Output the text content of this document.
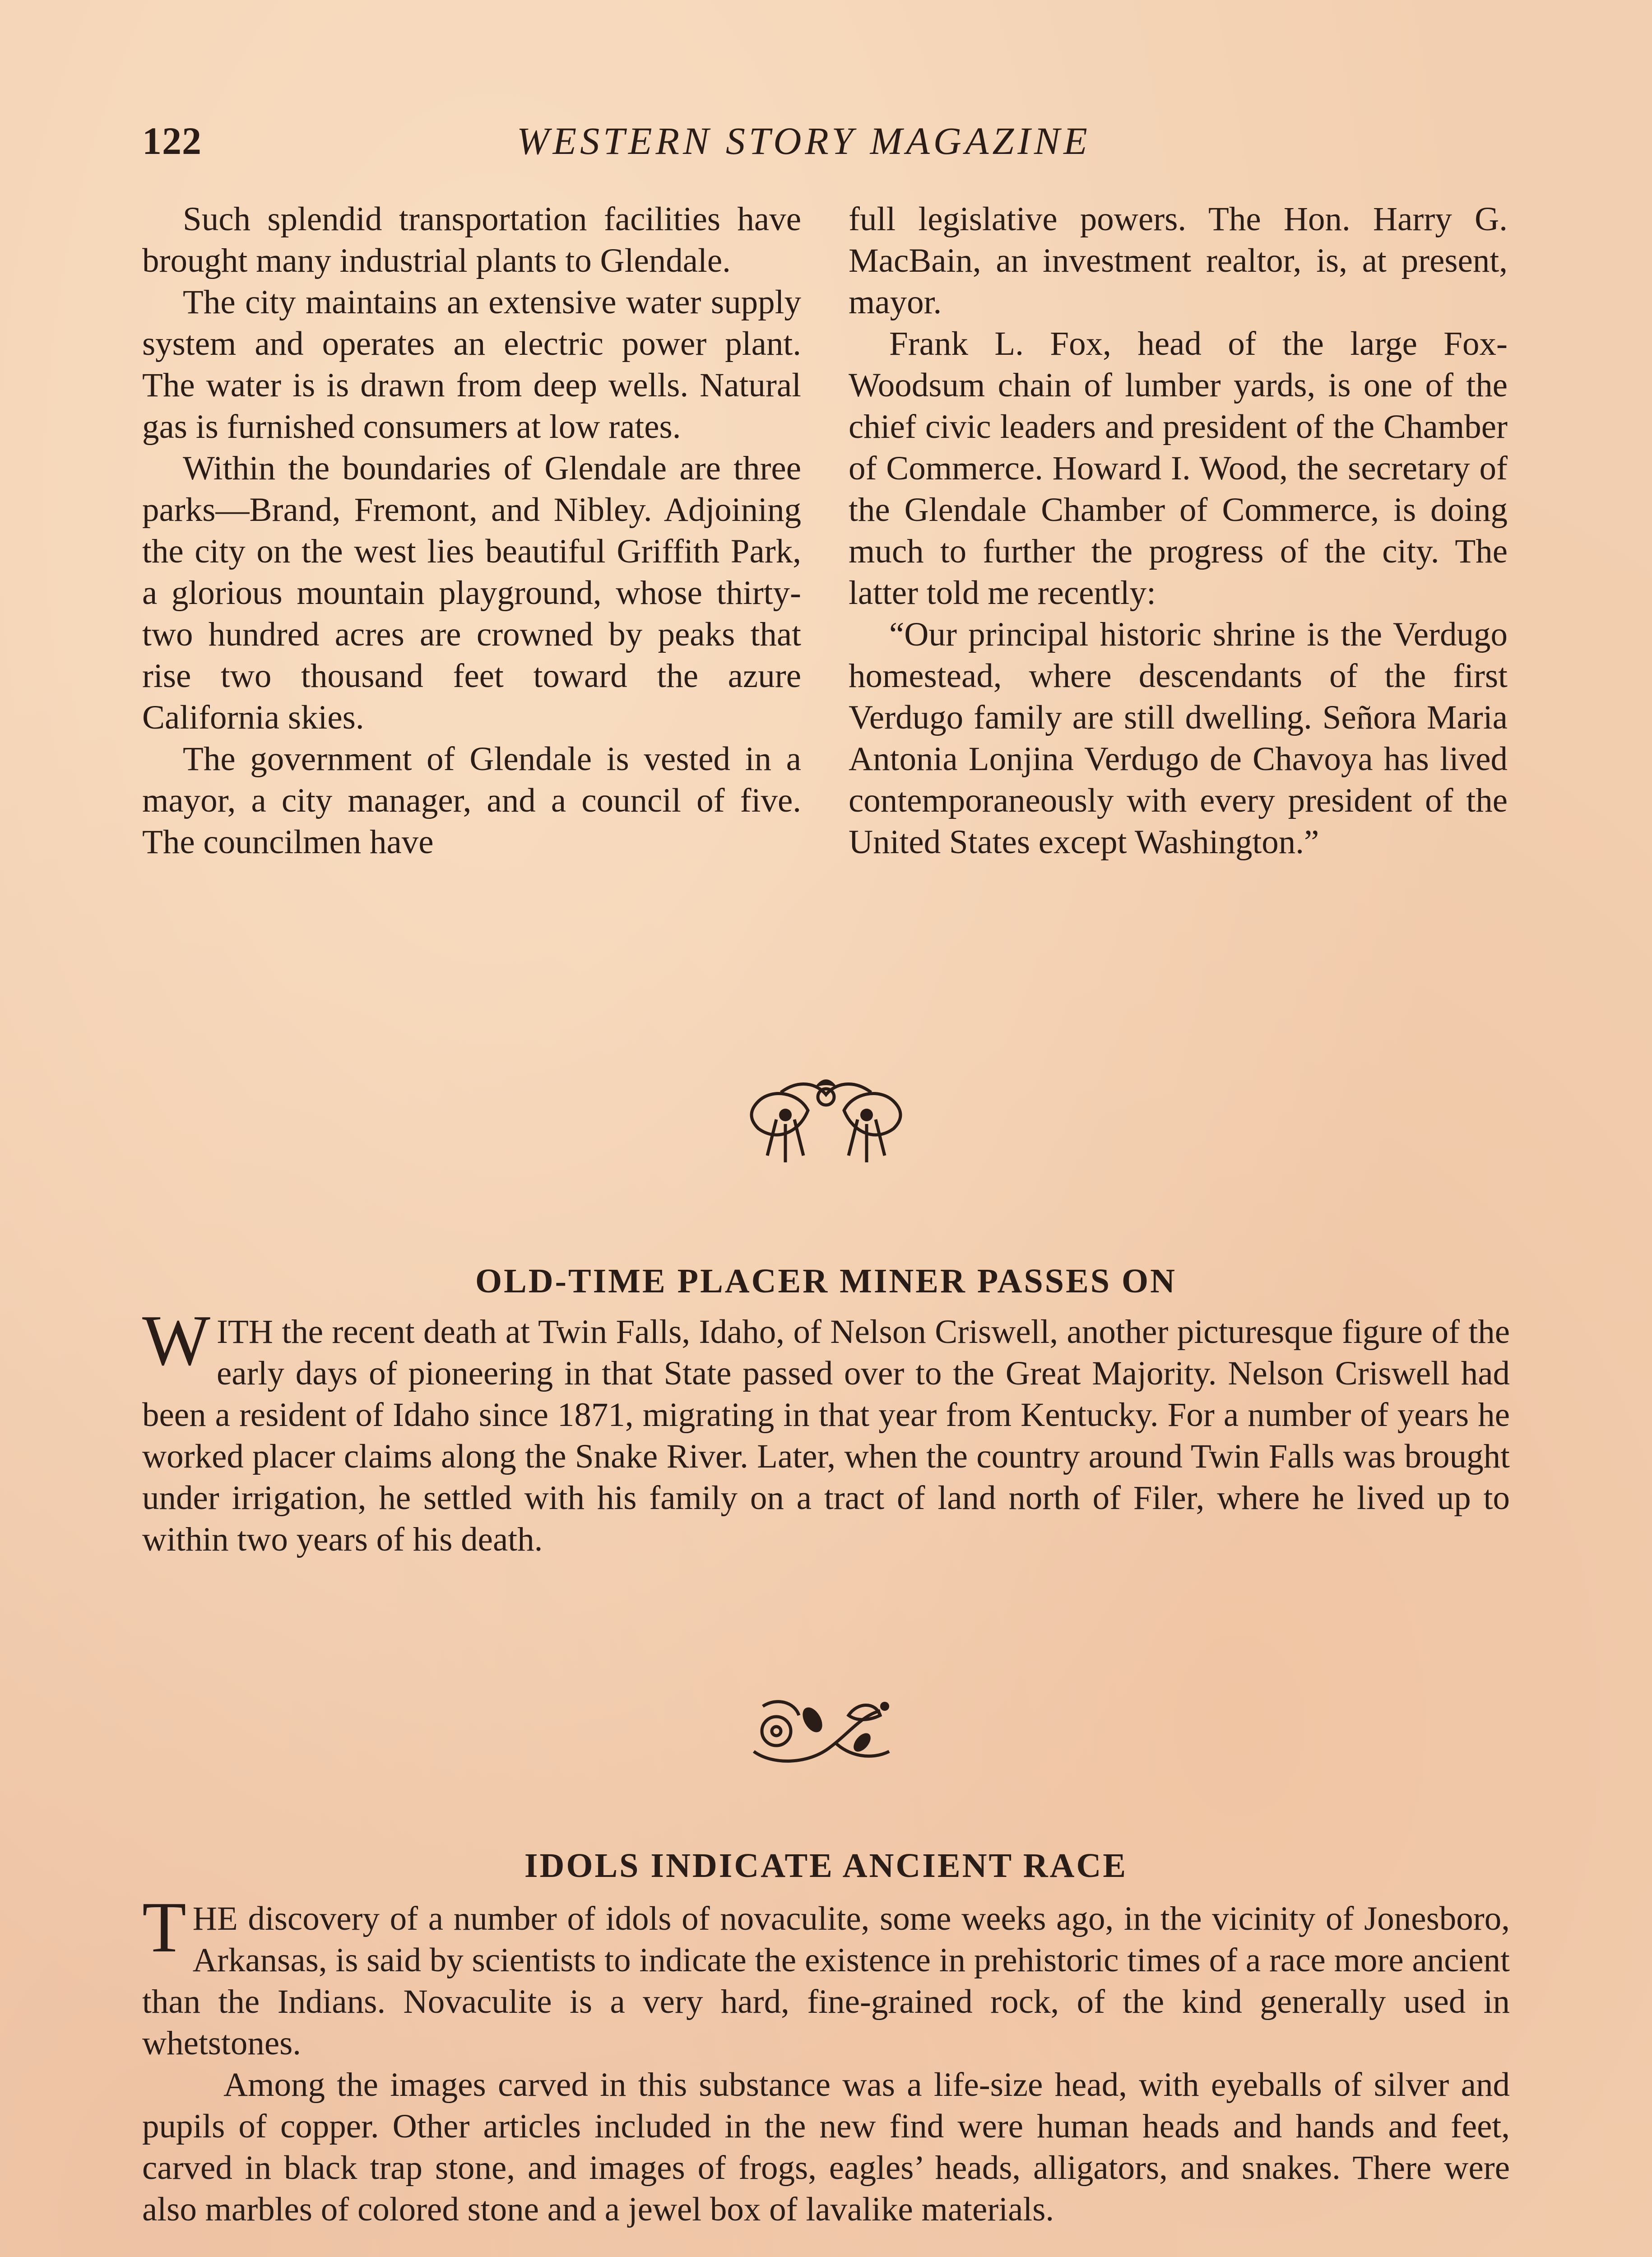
122	WESTERN STORY MAGAZINE

Such splendid transportation facilities have brought many industrial plants to Glendale.

The city maintains an extensive water supply system and operates an electric power plant. The water is is drawn from deep wells. Natural gas is furnished consumers at low rates.

Within the boundaries of Glendale are three parks—Brand, Fremont, and Nibley. Adjoining the city on the west lies beautiful Griffith Park, a glorious mountain playground, whose thirty-two hundred acres are crowned by peaks that rise two thousand feet toward the azure California skies.

The government of Glendale is vested in a mayor, a city manager, and a council of five. The councilmen have

full legislative powers. The Hon. Harry G. MacBain, an investment realtor, is, at present, mayor.

Frank L. Fox, head of the large Fox-Woodsum chain of lumber yards, is one of the chief civic leaders and president of the Chamber of Commerce. Howard I. Wood, the secretary of the Glendale Chamber of Commerce, is doing much to further the progress of the city. The latter told me recently:

“Our principal historic shrine is the Verdugo homestead, where descendants of the first Verdugo family are still dwelling. Señora Maria Antonia Lonjina Verdugo de Chavoya has lived contemporaneously with every president of the United States except Washington.”

OLD-TIME PLACER MINER PASSES ON

W ITH the recent death at Twin Falls, Idaho, of Nelson Criswell, another picturesque figure of the early days of pioneering in that State passed over to the Great Majority. Nelson Criswell had been a resident of Idaho since 1871, migrating in that year from Kentucky. For a number of years he worked placer claims along the Snake River. Later, when the country around Twin Falls was brought under irrigation, he settled with his family on a tract of land north of Filer, where he lived up to within two years of his death.

IDOLS INDICATE ANCIENT RACE

T HE discovery of a number of idols of novaculite, some weeks ago, in the vicinity of Jonesboro, Arkansas, is said by scientists to indicate the existence in prehistoric times of a race more ancient than the Indians. Novaculite is a very hard, fine-grained rock, of the kind generally used in whetstones.

Among the images carved in this substance was a life-size head, with eyeballs of silver and pupils of copper. Other articles included in the new find were human heads and hands and feet, carved in black trap stone, and images of frogs, eagles’ heads, alligators, and snakes. There were also marbles of colored stone and a jewel box of lavalike materials.
